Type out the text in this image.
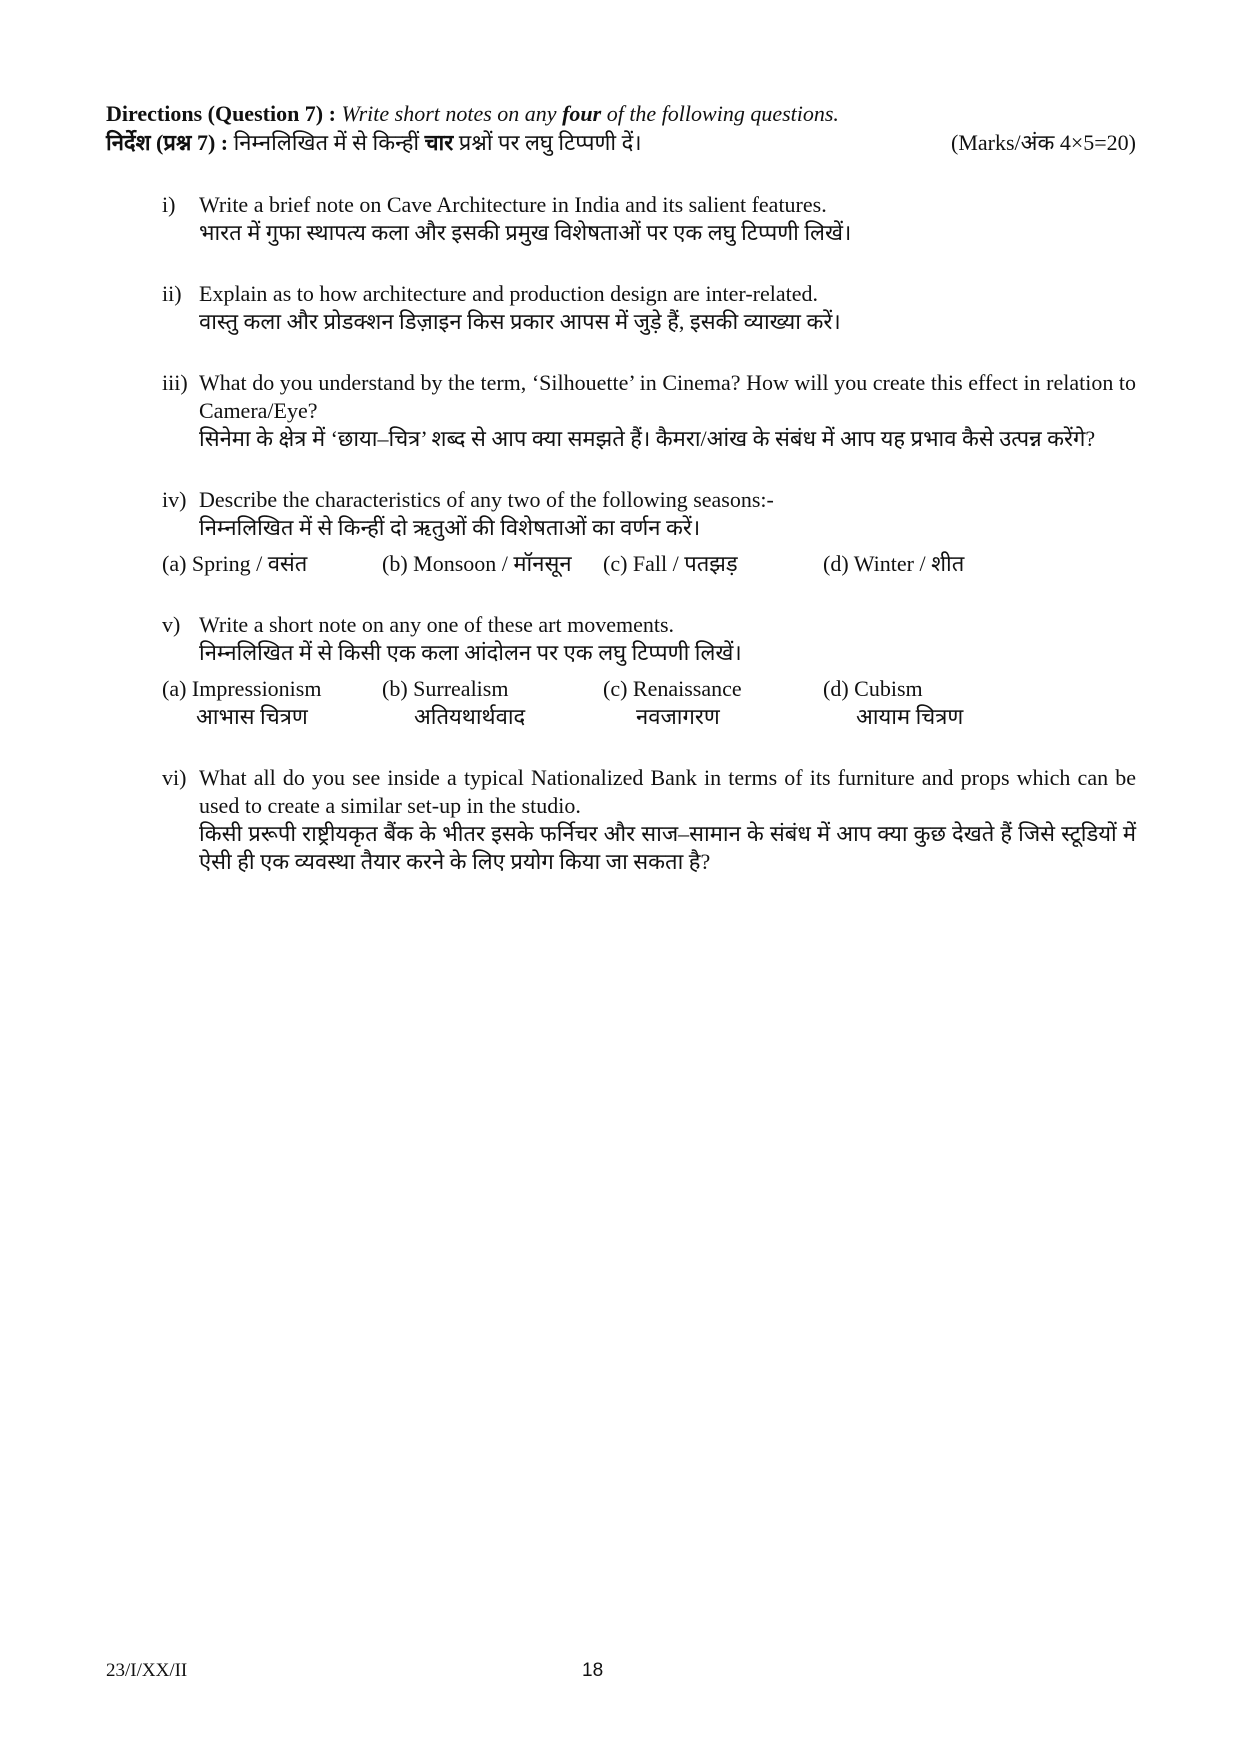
Directions (Question 7) : Write short notes on any four of the following questions.
निर्देश (प्रश्न 7) : निम्नलिखित में से किन्हीं चार प्रश्नों पर लघु टिप्पणी दें।	(Marks/अंक 4×5=20)
i) Write a brief note on Cave Architecture in India and its salient features.
भारत में गुफा स्थापत्य कला और इसकी प्रमुख विशेषताओं पर एक लघु टिप्पणी लिखें।
ii) Explain as to how architecture and production design are inter-related.
वास्तु कला और प्रोडक्शन डिज़ाइन किस प्रकार आपस में जुड़े हैं, इसकी व्याख्या करें।
iii) What do you understand by the term, ‘Silhouette’ in Cinema? How will you create this effect in relation to Camera/Eye?
सिनेमा के क्षेत्र में ‘छाया–चित्र’ शब्द से आप क्या समझते हैं। कैमरा/आंख के संबंध में आप यह प्रभाव कैसे उत्पन्न करेंगे?
iv) Describe the characteristics of any two of the following seasons:-
निम्नलिखित में से किन्हीं दो ऋतुओं की विशेषताओं का वर्णन करें।
(a) Spring / वसंत	(b) Monsoon / मॉनसून (c) Fall / पतझड़	(d) Winter / शीत
v) Write a short note on any one of these art movements.
निम्नलिखित में से किसी एक कला आंदोलन पर एक लघु टिप्पणी लिखें।
(a) Impressionism
आभास चित्रण
(b) Surrealism
अतियथार्थवाद
(c) Renaissance
नवजागरण
(d) Cubism
आयाम चित्रण
vi) What all do you see inside a typical Nationalized Bank in terms of its furniture and props which can be used to create a similar set-up in the studio.
किसी प्ररूपी राष्ट्रीयकृत बैंक के भीतर इसके फर्निचर और साज–सामान के संबंध में आप क्या कुछ देखते हैं जिसे स्टूडियों में ऐसी ही एक व्यवस्था तैयार करने के लिए प्रयोग किया जा सकता है?
23/I/XX/II	18
